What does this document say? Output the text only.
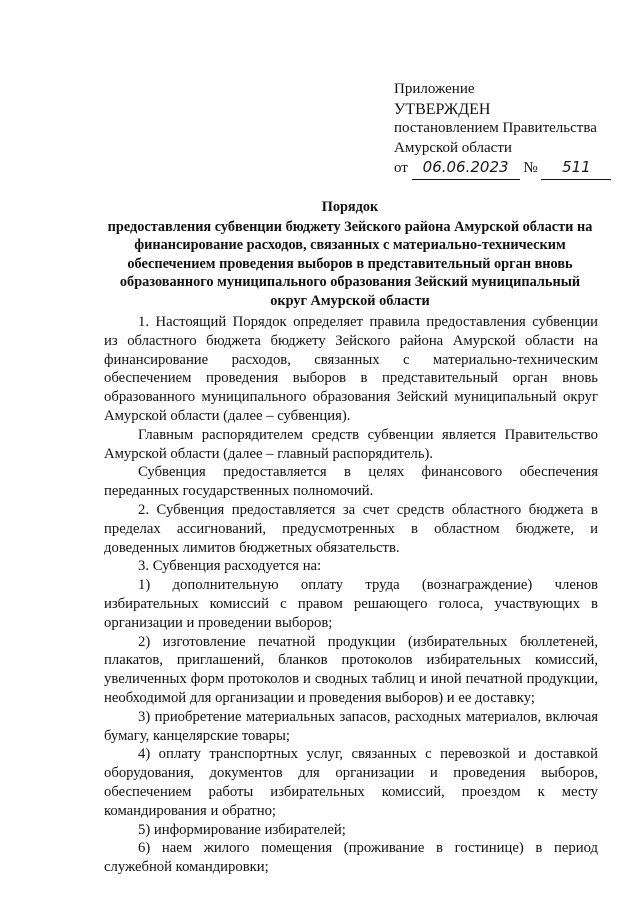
Приложение
УТВЕРЖДЕН
постановлением Правительства
Амурской области
от 06.06.2023 № 511
Порядок
предоставления субвенции бюджету Зейского района Амурской области на финансирование расходов, связанных с материально-техническим обеспечением проведения выборов в представительный орган вновь образованного муниципального образования Зейский муниципальный округ Амурской области

1. Настоящий Порядок определяет правила предоставления субвенции из областного бюджета бюджету Зейского района Амурской области на финансирование расходов, связанных с материально-техническим обеспечением проведения выборов в представительный орган вновь образованного муниципального образования Зейский муниципальный округ Амурской области (далее – субвенция).

Главным распорядителем средств субвенции является Правительство Амурской области (далее – главный распорядитель).

Субвенция предоставляется в целях финансового обеспечения переданных государственных полномочий.

2. Субвенция предоставляется за счет средств областного бюджета в пределах ассигнований, предусмотренных в областном бюджете, и доведенных лимитов бюджетных обязательств.

3. Субвенция расходуется на:

1) дополнительную оплату труда (вознаграждение) членов избирательных комиссий с правом решающего голоса, участвующих в организации и проведении выборов;

2) изготовление печатной продукции (избирательных бюллетеней, плакатов, приглашений, бланков протоколов избирательных комиссий, увеличенных форм протоколов и сводных таблиц и иной печатной продукции, необходимой для организации и проведения выборов) и ее доставку;

3) приобретение материальных запасов, расходных материалов, включая бумагу, канцелярские товары;

4) оплату транспортных услуг, связанных с перевозкой и доставкой оборудования, документов для организации и проведения выборов, обеспечением работы избирательных комиссий, проездом к месту командирования и обратно;

5) информирование избирателей;

6) наем жилого помещения (проживание в гостинице) в период служебной командировки;
